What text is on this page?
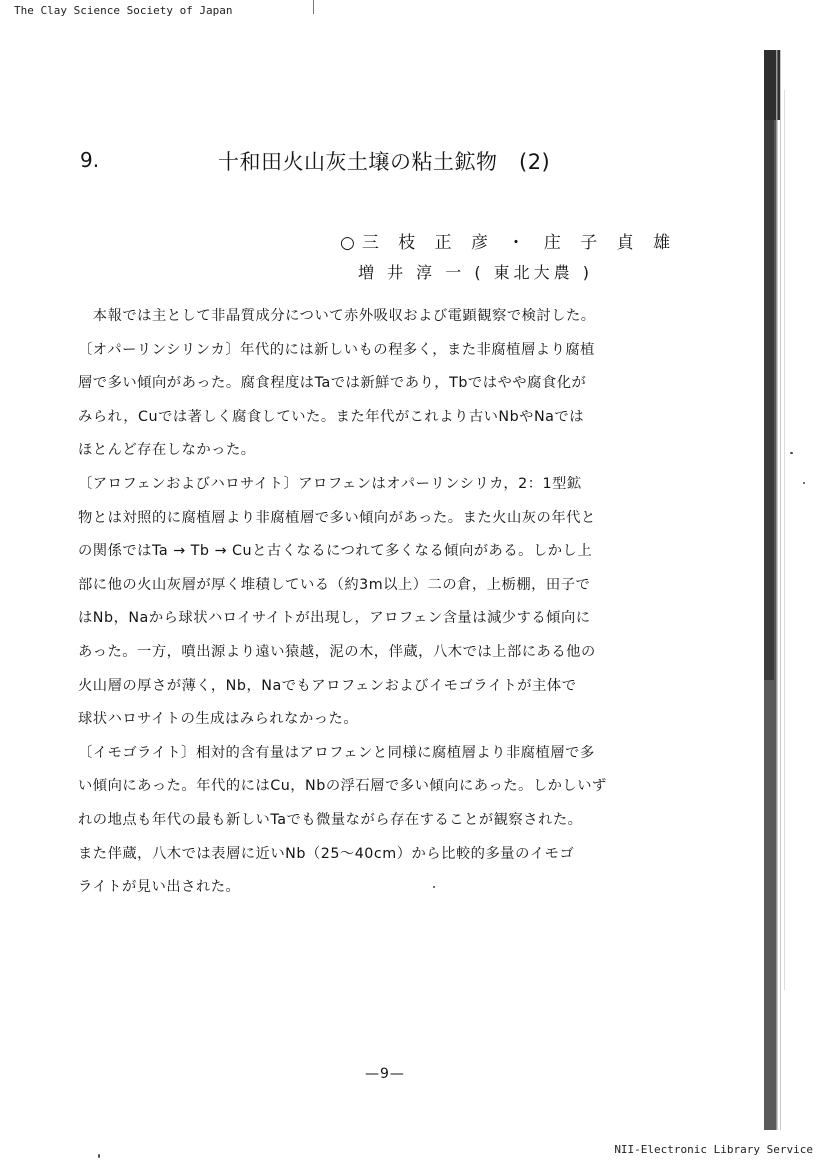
The Clay Science Society of Japan
9.	十和田火山灰土壌の粘土鉱物　(2)
○三 枝 正 彦 ・ 庄 子 貞 雄
増 井 淳 一 ( 東北大農 )
　本報では主として非晶質成分について赤外吸収および電顕観察で検討した。
〔オパーリンシリンカ〕年代的には新しいもの程多く，また非腐植層より腐植
層で多い傾向があった。腐食程度はTaでは新鮮であり，Tbではやや腐食化が
みられ，Cuでは著しく腐食していた。また年代がこれより古いNbやNaでは
ほとんど存在しなかった。
〔アロフェンおよびハロサイト〕アロフェンはオパーリンシリカ，2：1型鉱
物とは対照的に腐植層より非腐植層で多い傾向があった。また火山灰の年代と
の関係ではTa → Tb → Cuと古くなるにつれて多くなる傾向がある。しかし上
部に他の火山灰層が厚く堆積している（約3m以上）二の倉，上栃棚，田子で
はNb，Naから球状ハロイサイトが出現し，アロフェン含量は減少する傾向に
あった。一方，噴出源より遠い猿越，泥の木，伴蔵，八木では上部にある他の
火山層の厚さが薄く，Nb，Naでもアロフェンおよびイモゴライトが主体で
球状ハロサイトの生成はみられなかった。
〔イモゴライト〕相対的含有量はアロフェンと同様に腐植層より非腐植層で多
い傾向にあった。年代的にはCu，Nbの浮石層で多い傾向にあった。しかしいず
れの地点も年代の最も新しいTaでも微量ながら存在することが観察された。
また伴蔵，八木では表層に近いNb（25～40cm）から比較的多量のイモゴ
ライトが見い出された。
—9—
NII-Electronic Library Service
